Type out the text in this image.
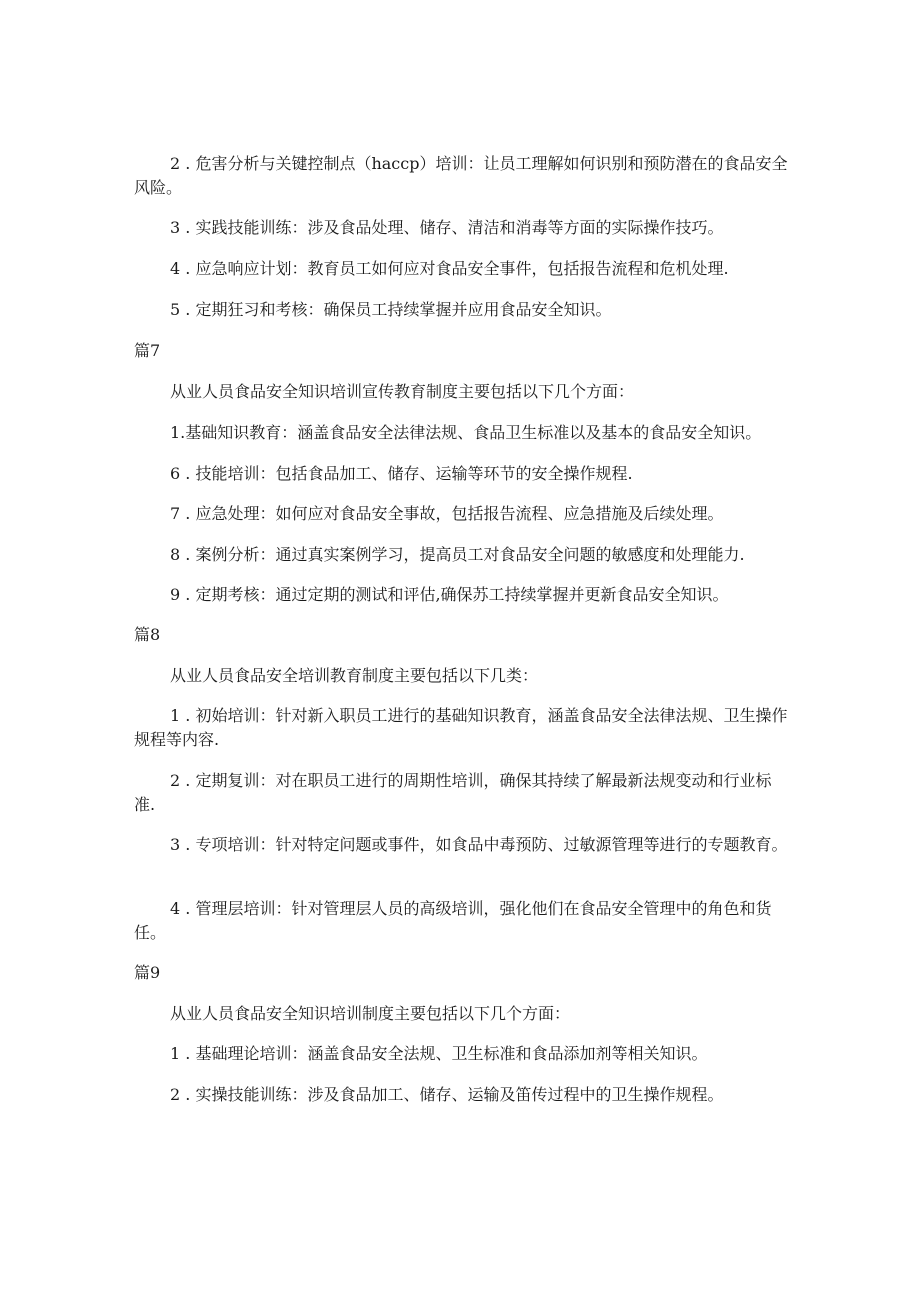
2 . 危害分析与关键控制点（haccp）培训：让员工理解如何识别和预防潜在的食品安全风险。
3 . 实践技能训练：涉及食品处理、储存、清洁和消毒等方面的实际操作技巧。
4 . 应急响应计划：教育员工如何应对食品安全事件，包括报告流程和危机处理.
5 . 定期狂习和考核：确保员工持续掌握并应用食品安全知识。
篇7
从业人员食品安全知识培训宣传教育制度主要包括以下几个方面：
1.基础知识教育：涵盖食品安全法律法规、食品卫生标准以及基本的食品安全知识。
6 . 技能培训：包括食品加工、储存、运输等环节的安全操作规程.
7 . 应急处理：如何应对食品安全事故，包括报告流程、应急措施及后续处理。
8 . 案例分析：通过真实案例学习，提高员工对食品安全问题的敏感度和处理能力.
9 . 定期考核：通过定期的测试和评估,确保苏工持续掌握并更新食品安全知识。
篇8
从业人员食品安全培训教育制度主要包括以下几类：
1 . 初始培训：针对新入职员工进行的基础知识教育，涵盖食品安全法律法规、卫生操作规程等内容.
2 . 定期复训：对在职员工进行的周期性培训，确保其持续了解最新法规变动和行业标准.
3 . 专项培训：针对特定问题或事件，如食品中毒预防、过敏源管理等进行的专题教育。
4 . 管理层培训：针对管理层人员的高级培训，强化他们在食品安全管理中的角色和货任。
篇9
从业人员食品安全知识培训制度主要包括以下几个方面：
1 . 基础理论培训：涵盖食品安全法规、卫生标准和食品添加剂等相关知识。
2 . 实操技能训练：涉及食品加工、储存、运输及笛传过程中的卫生操作规程。
